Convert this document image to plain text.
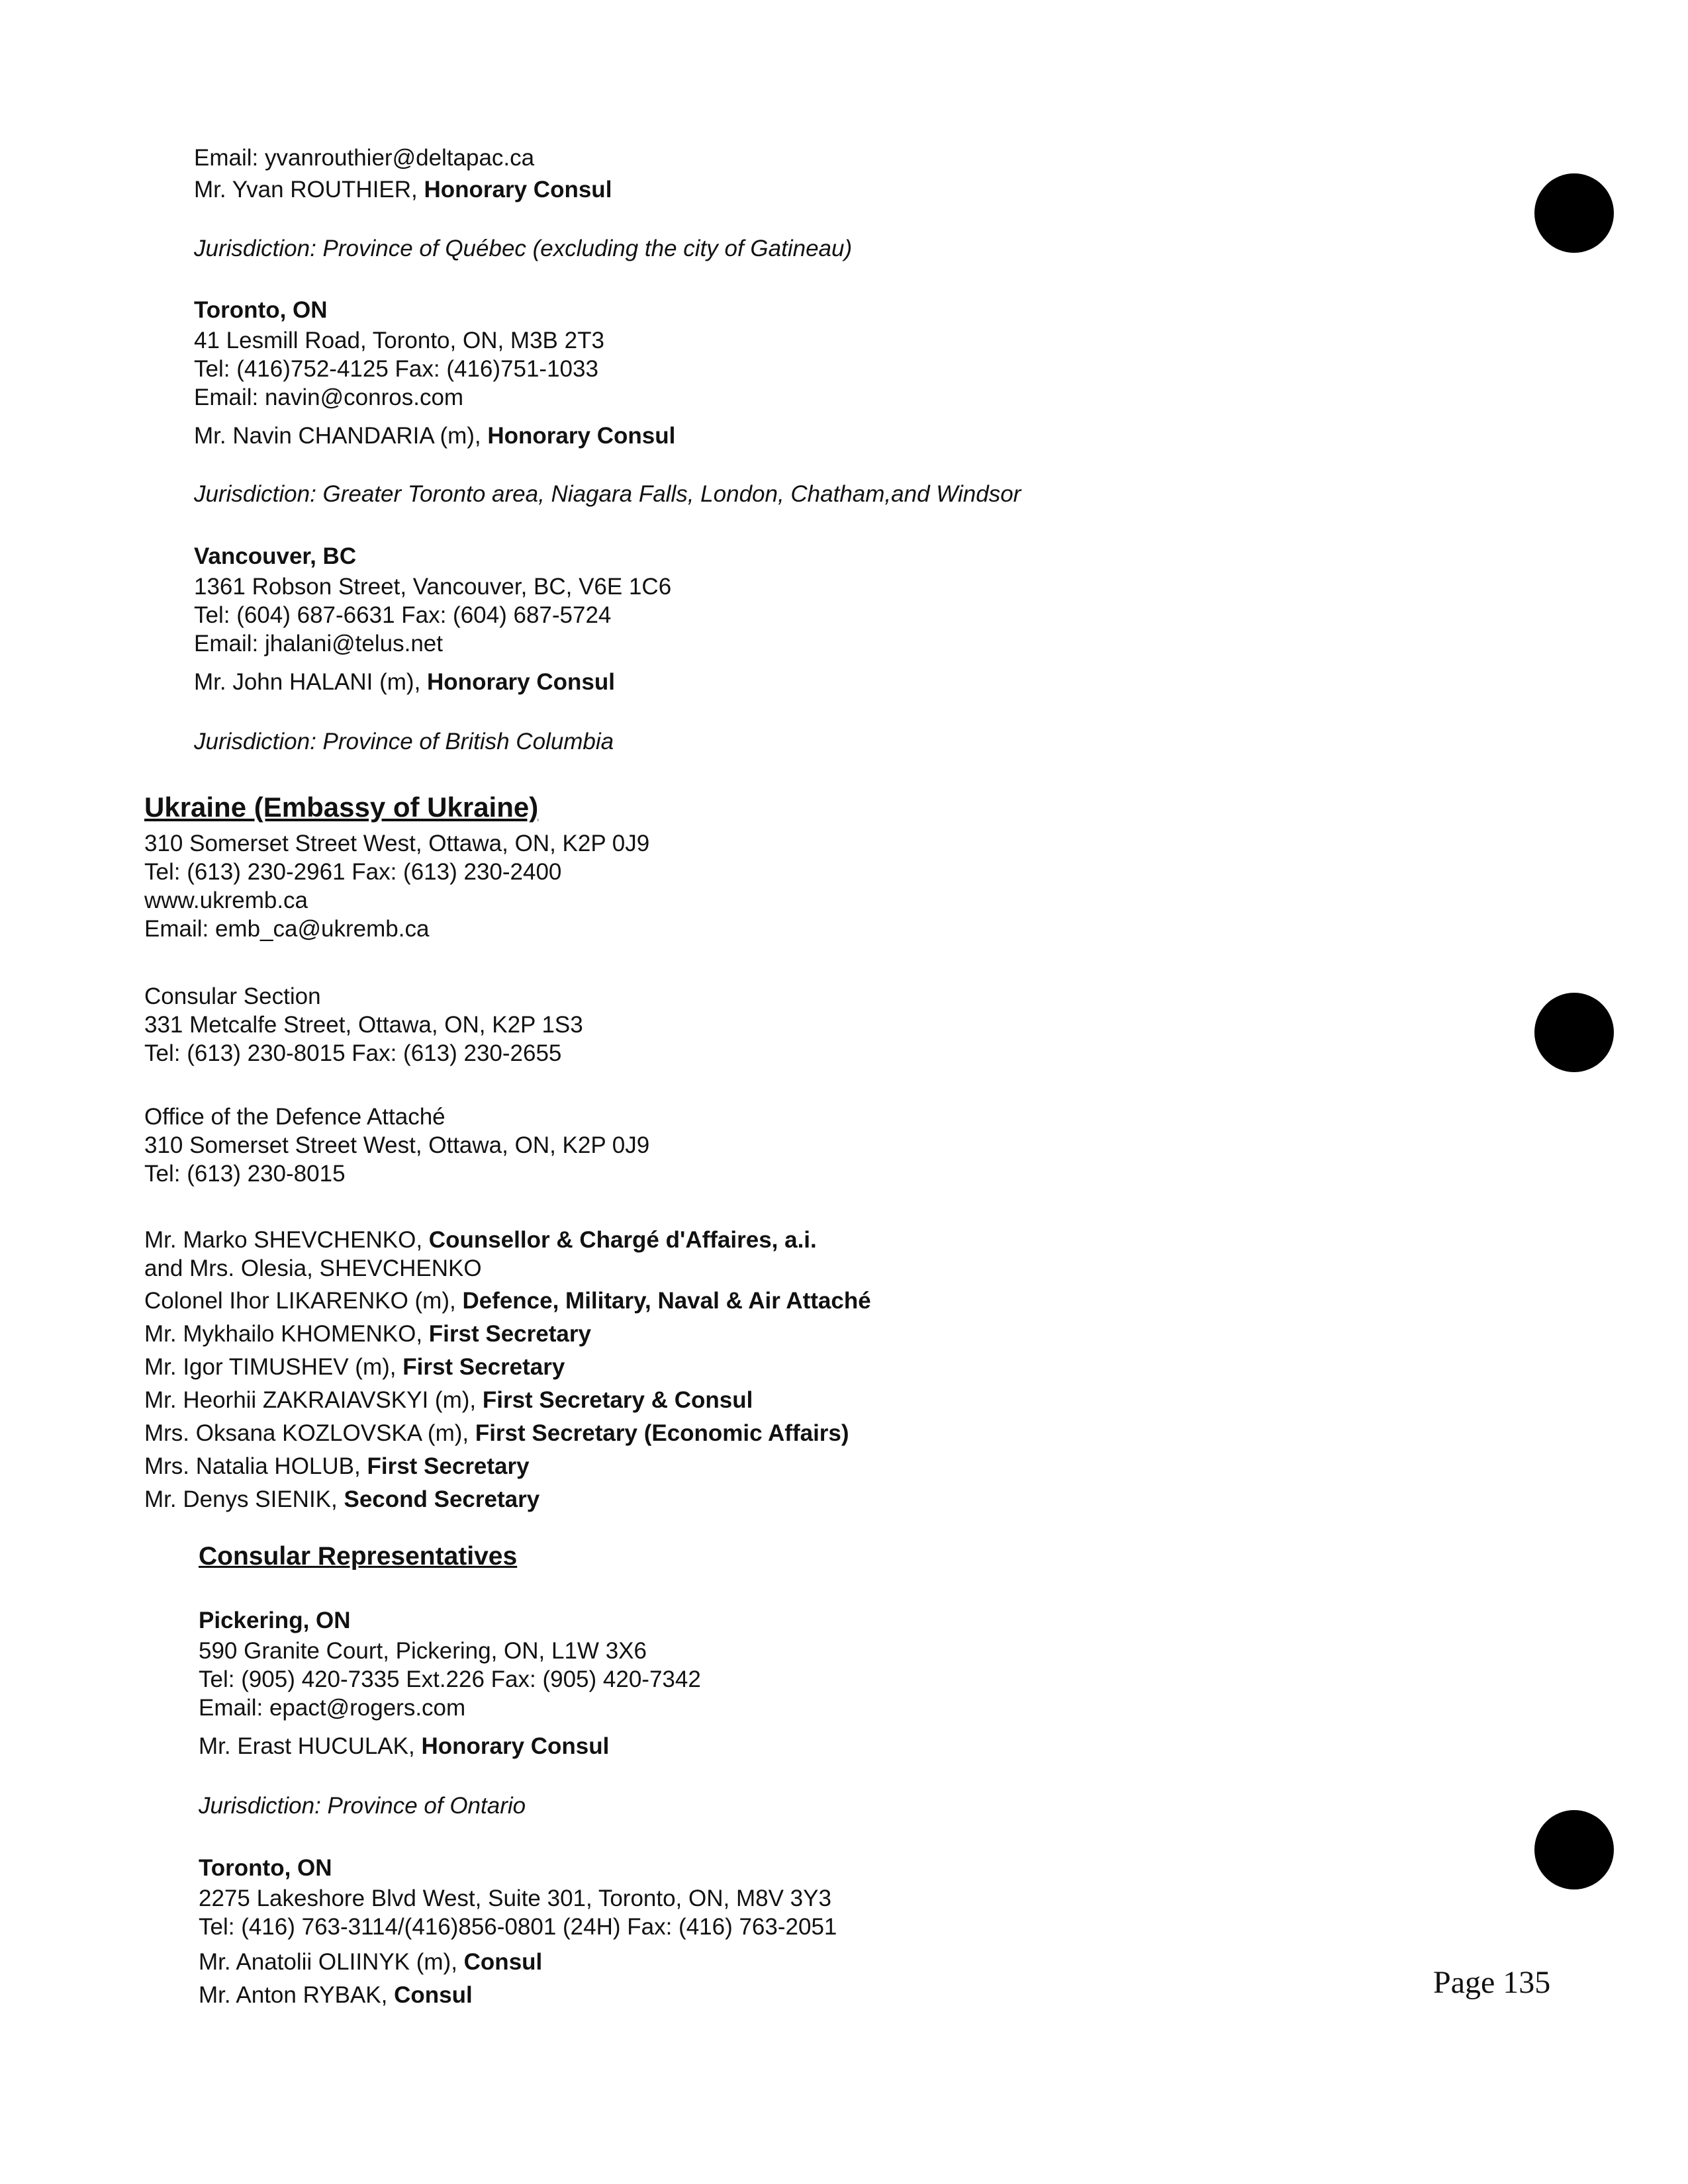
Email: yvanrouthier@deltapac.ca
Mr. Yvan ROUTHIER, Honorary Consul
Jurisdiction: Province of Québec (excluding the city of Gatineau)
Toronto, ON
41 Lesmill Road, Toronto, ON, M3B 2T3
Tel: (416)752-4125 Fax: (416)751-1033
Email: navin@conros.com
Mr. Navin CHANDARIA (m), Honorary Consul
Jurisdiction: Greater Toronto area, Niagara Falls, London, Chatham,and Windsor
Vancouver, BC
1361 Robson Street, Vancouver, BC, V6E 1C6
Tel: (604) 687-6631 Fax: (604) 687-5724
Email: jhalani@telus.net
Mr. John HALANI (m), Honorary Consul
Jurisdiction: Province of British Columbia
Ukraine (Embassy of Ukraine)
310 Somerset Street West, Ottawa, ON, K2P 0J9
Tel: (613) 230-2961 Fax: (613) 230-2400
www.ukremb.ca
Email: emb_ca@ukremb.ca
Consular Section
331 Metcalfe Street, Ottawa, ON, K2P 1S3
Tel: (613) 230-8015 Fax: (613) 230-2655
Office of the Defence Attaché
310 Somerset Street West, Ottawa, ON, K2P 0J9
Tel: (613) 230-8015
Mr. Marko SHEVCHENKO, Counsellor & Chargé d'Affaires, a.i.
and Mrs. Olesia, SHEVCHENKO
Colonel Ihor LIKARENKO (m), Defence, Military, Naval & Air Attaché
Mr. Mykhailo KHOMENKO, First Secretary
Mr. Igor TIMUSHEV (m), First Secretary
Mr. Heorhii ZAKRAIAVSKYI (m), First Secretary & Consul
Mrs. Oksana KOZLOVSKA (m), First Secretary (Economic Affairs)
Mrs. Natalia HOLUB, First Secretary
Mr. Denys SIENIK, Second Secretary
Consular Representatives
Pickering, ON
590 Granite Court, Pickering, ON, L1W 3X6
Tel: (905) 420-7335 Ext.226 Fax: (905) 420-7342
Email: epact@rogers.com
Mr. Erast HUCULAK, Honorary Consul
Jurisdiction: Province of Ontario
Toronto, ON
2275 Lakeshore Blvd West, Suite 301, Toronto, ON, M8V 3Y3
Tel: (416) 763-3114/(416)856-0801 (24H) Fax: (416) 763-2051
Mr. Anatolii OLIINYK (m), Consul
Mr. Anton RYBAK, Consul	Page 135
